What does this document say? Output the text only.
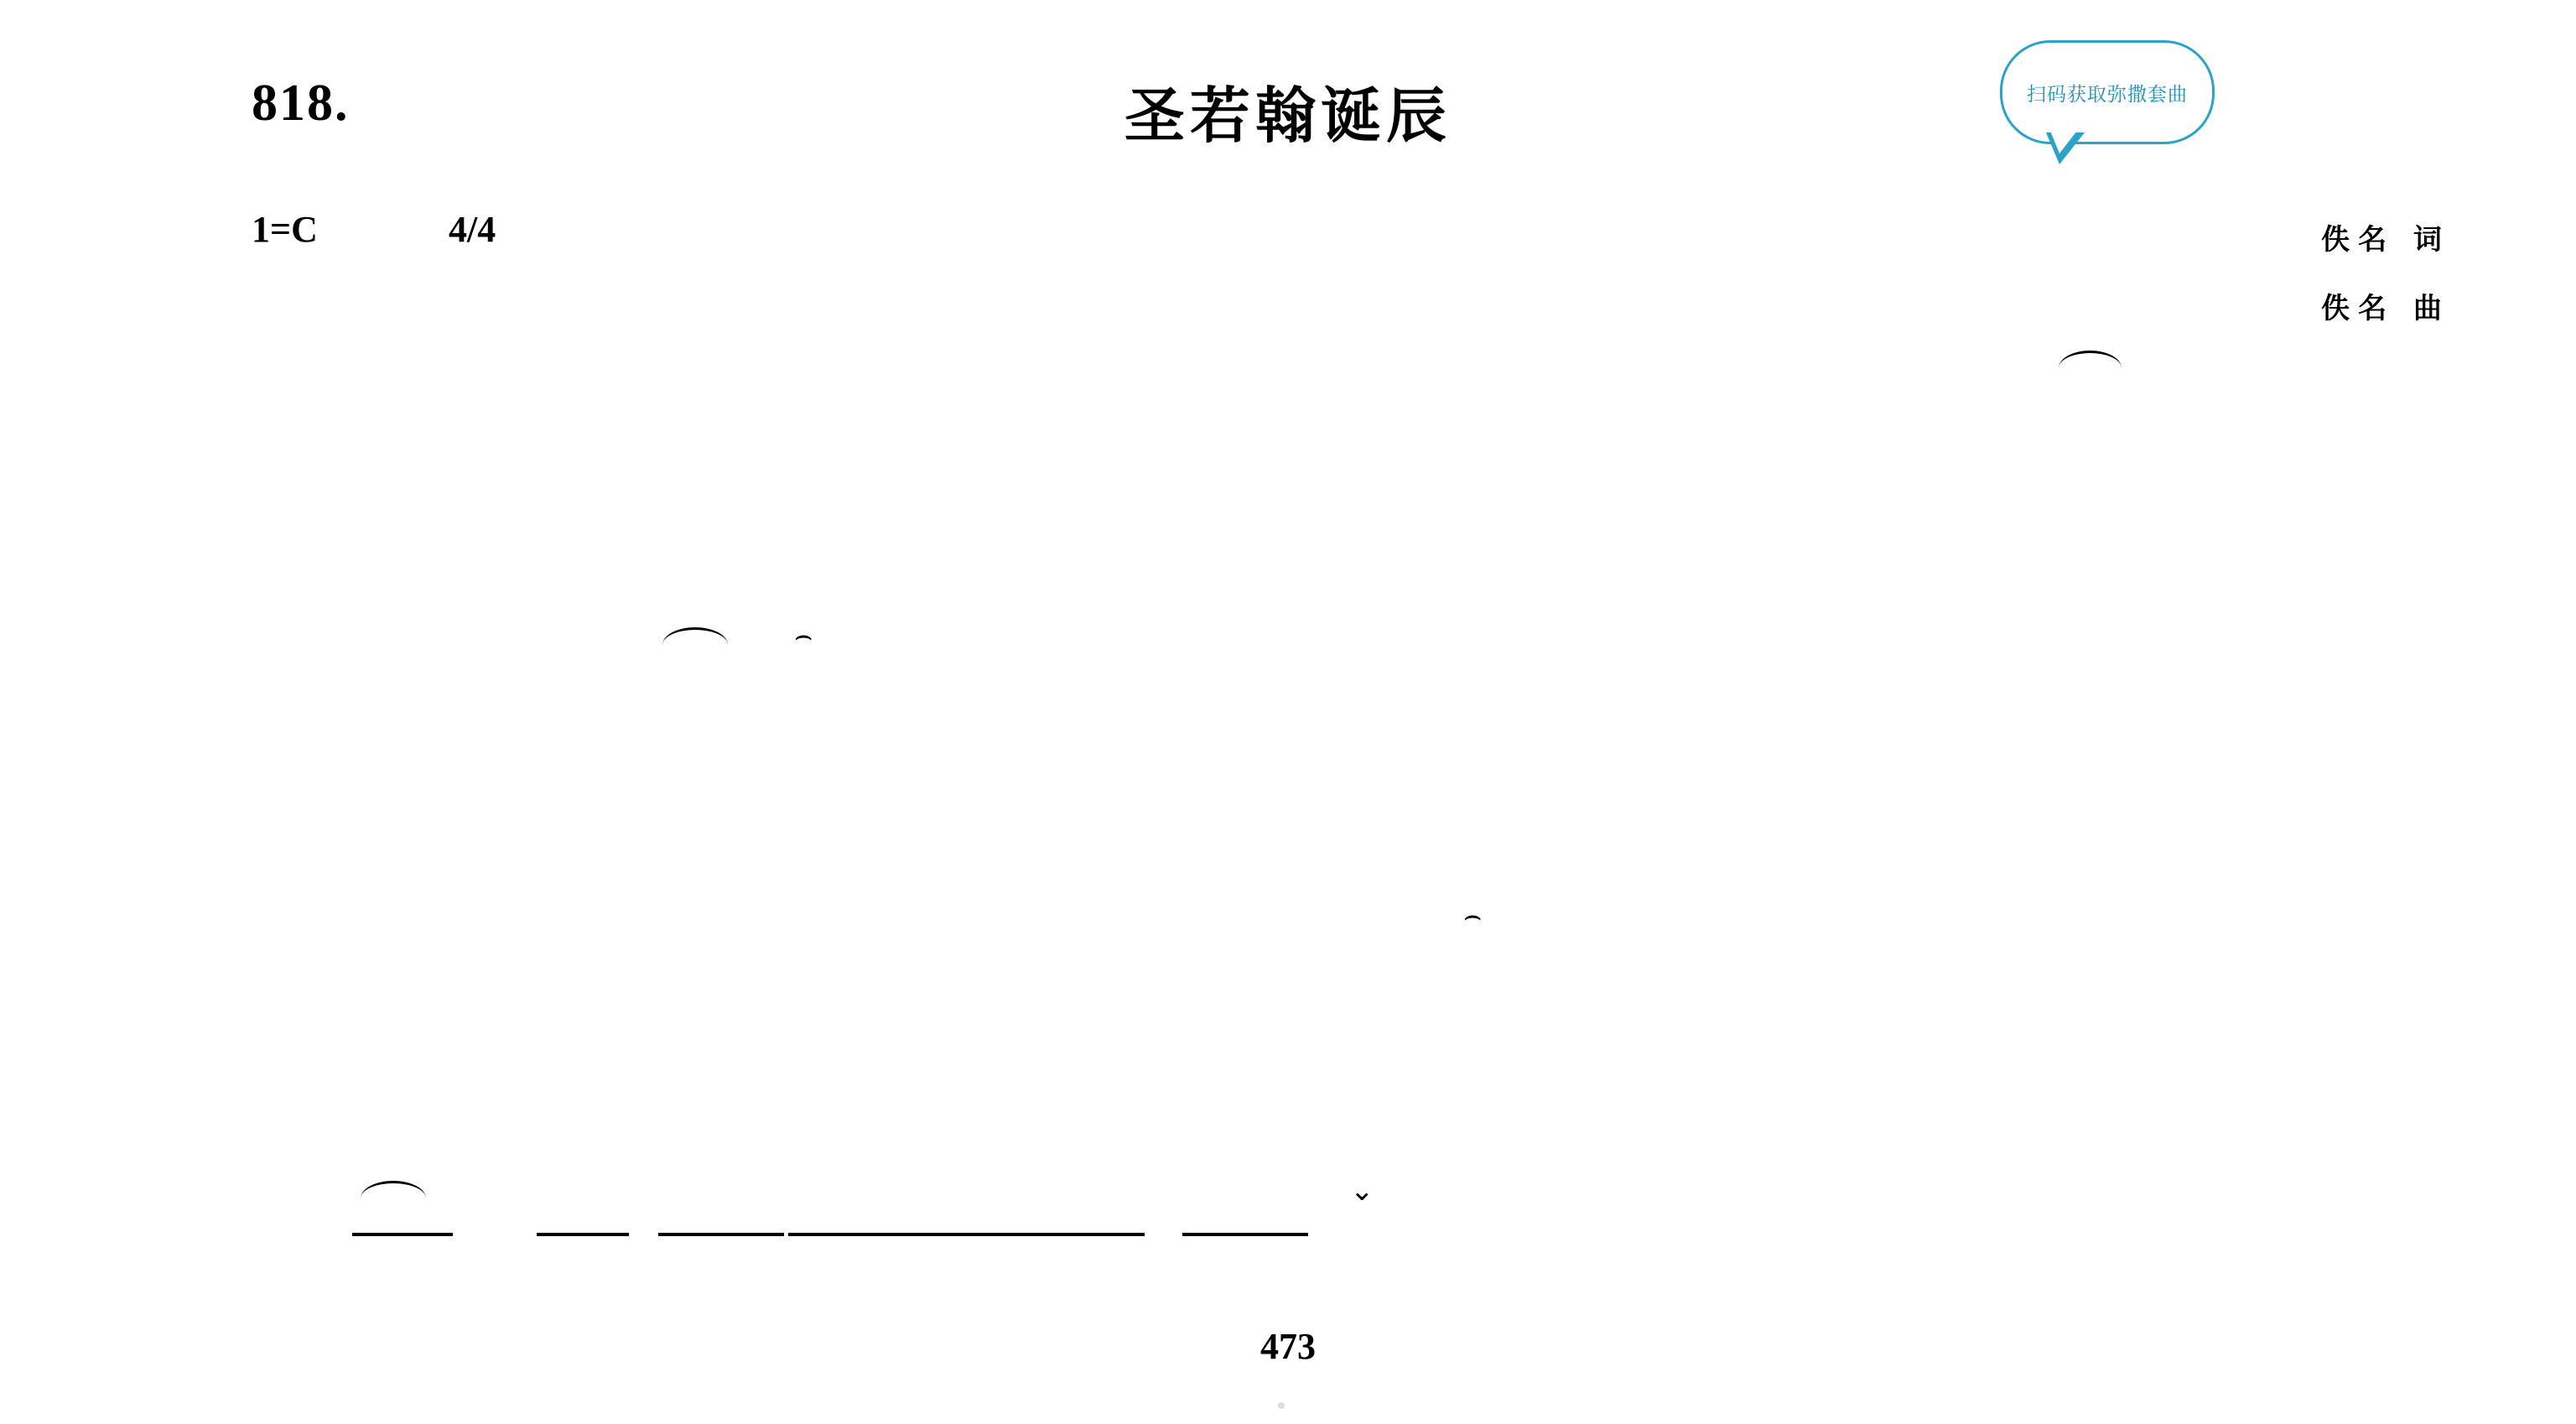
818.	圣若翰诞辰
1=C	4/4	佚名 词
佚名 曲
扫码获取弥撒套曲
473
⌢
⌢
⌄
